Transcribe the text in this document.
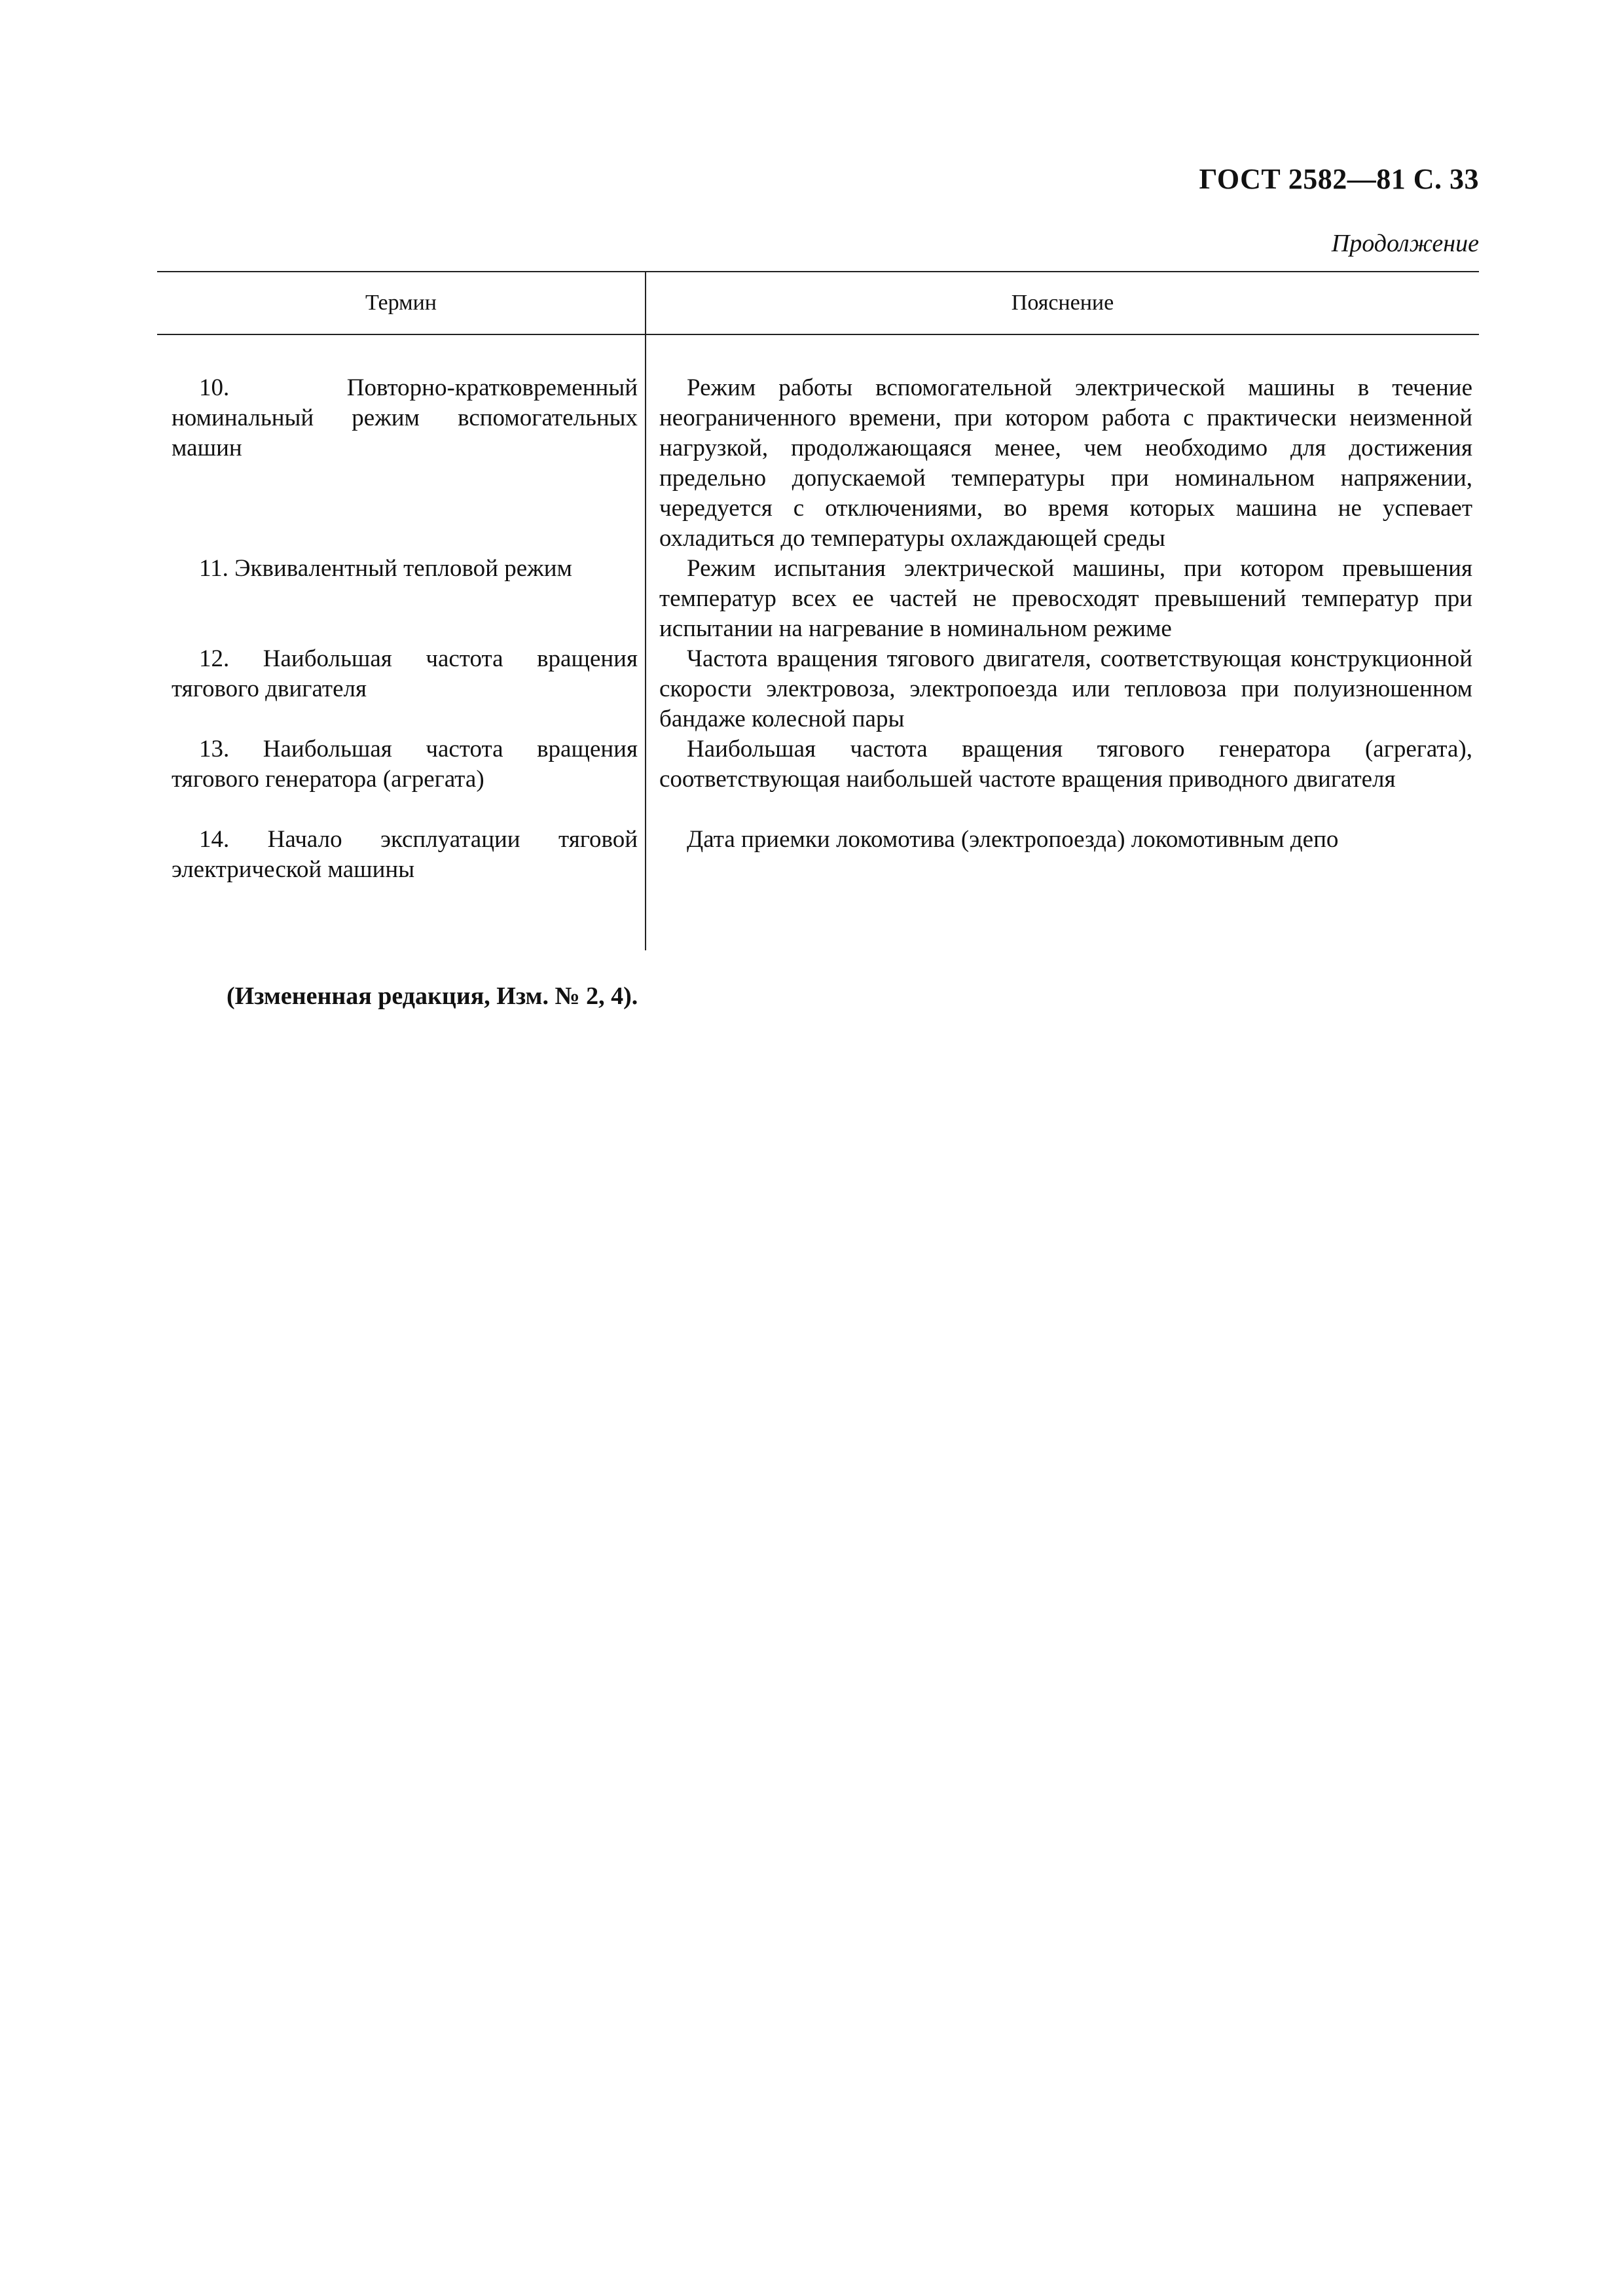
ГОСТ 2582—81 С. 33
Продолжение
Термин	Пояснение
10. Повторно-кратковременный номинальный режим вспомогательных машин
Режим работы вспомогательной электрической машины в течение неограниченного времени, при котором работа с практически неизменной нагрузкой, продолжающаяся менее, чем необходимо для достижения предельно допускаемой температуры при номинальном напряжении, чередуется с отключениями, во время которых машина не успевает охладиться до температуры охлаждающей среды
11. Эквивалентный тепловой режим	Режим испытания электрической машины, при котором превышения температур всех ее частей не превосходят превышений температур при испытании на нагревание в номинальном режиме
12. Наибольшая частота вращения тягового двигателя
Частота вращения тягового двигателя, соответствующая конструкционной скорости электровоза, электропоезда или тепловоза при полуизношенном бандаже колесной пары
13. Наибольшая частота вращения тягового генератора (агрегата)
Наибольшая частота вращения тягового генератора (агрегата), соответствующая наибольшей частоте вращения приводного двигателя
14. Начало эксплуатации тяговой электрической машины
Дата приемки локомотива (электропоезда) локомотивным депо
(Измененная редакция, Изм. № 2, 4).
